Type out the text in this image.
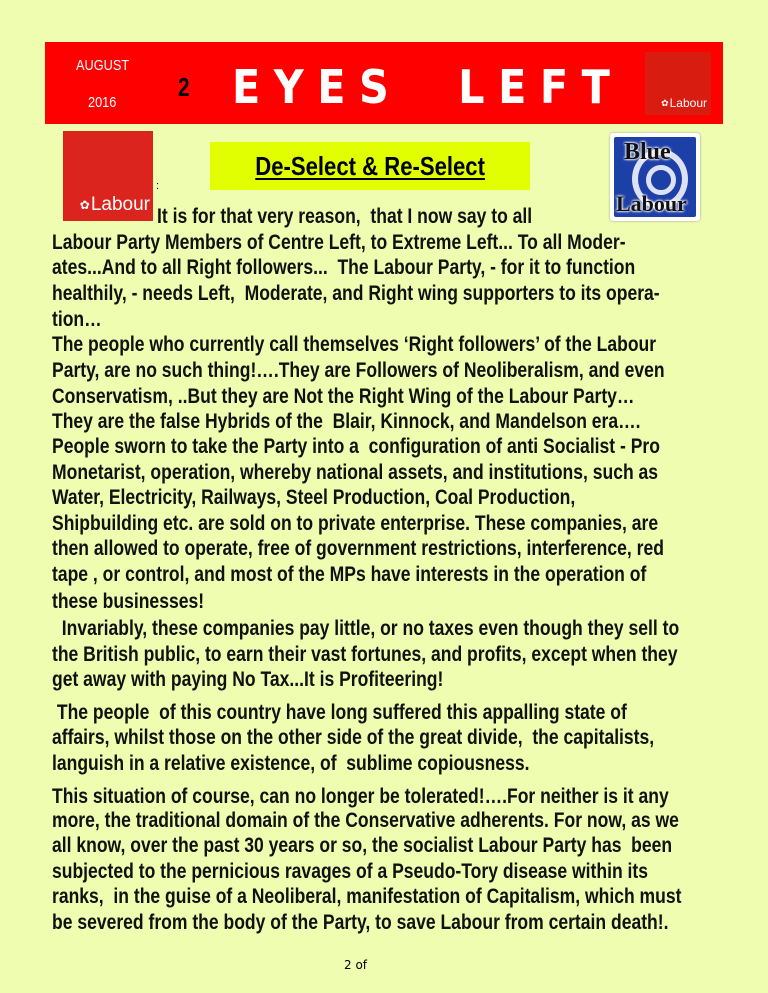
AUGUST
2016
2 EYES  LEFT	✿Labour
✿Labour
De-Select & Re-Select
:
Blue
Labour
It is for that very reason,  that I now say to all
Labour Party Members of Centre Left, to Extreme Left... To all Moder-
ates...And to all Right followers...  The Labour Party, - for it to function
healthily, - needs Left,  Moderate, and Right wing supporters to its opera-
tion…
The people who currently call themselves ‘Right followers’ of the Labour
Party, are no such thing!….They are Followers of Neoliberalism, and even
Conservatism, ..But they are Not the Right Wing of the Labour Party…
They are the false Hybrids of the  Blair, Kinnock, and Mandelson era….
People sworn to take the Party into a  configuration of anti Socialist - Pro
Monetarist, operation, whereby national assets, and institutions, such as
Water, Electricity, Railways, Steel Production, Coal Production,
Shipbuilding etc. are sold on to private enterprise. These companies, are
then allowed to operate, free of government restrictions, interference, red
tape , or control, and most of the MPs have interests in the operation of
these businesses!
Invariably, these companies pay little, or no taxes even though they sell to
the British public, to earn their vast fortunes, and profits, except when they
get away with paying No Tax...It is Profiteering!
The people  of this country have long suffered this appalling state of
affairs, whilst those on the other side of the great divide,  the capitalists,
languish in a relative existence, of  sublime copiousness.
This situation of course, can no longer be tolerated!….For neither is it any
more, the traditional domain of the Conservative adherents. For now, as we
all know, over the past 30 years or so, the socialist Labour Party has  been
subjected to the pernicious ravages of a Pseudo-Tory disease within its
ranks,  in the guise of a Neoliberal, manifestation of Capitalism, which must
be severed from the body of the Party, to save Labour from certain death!.
2 of
